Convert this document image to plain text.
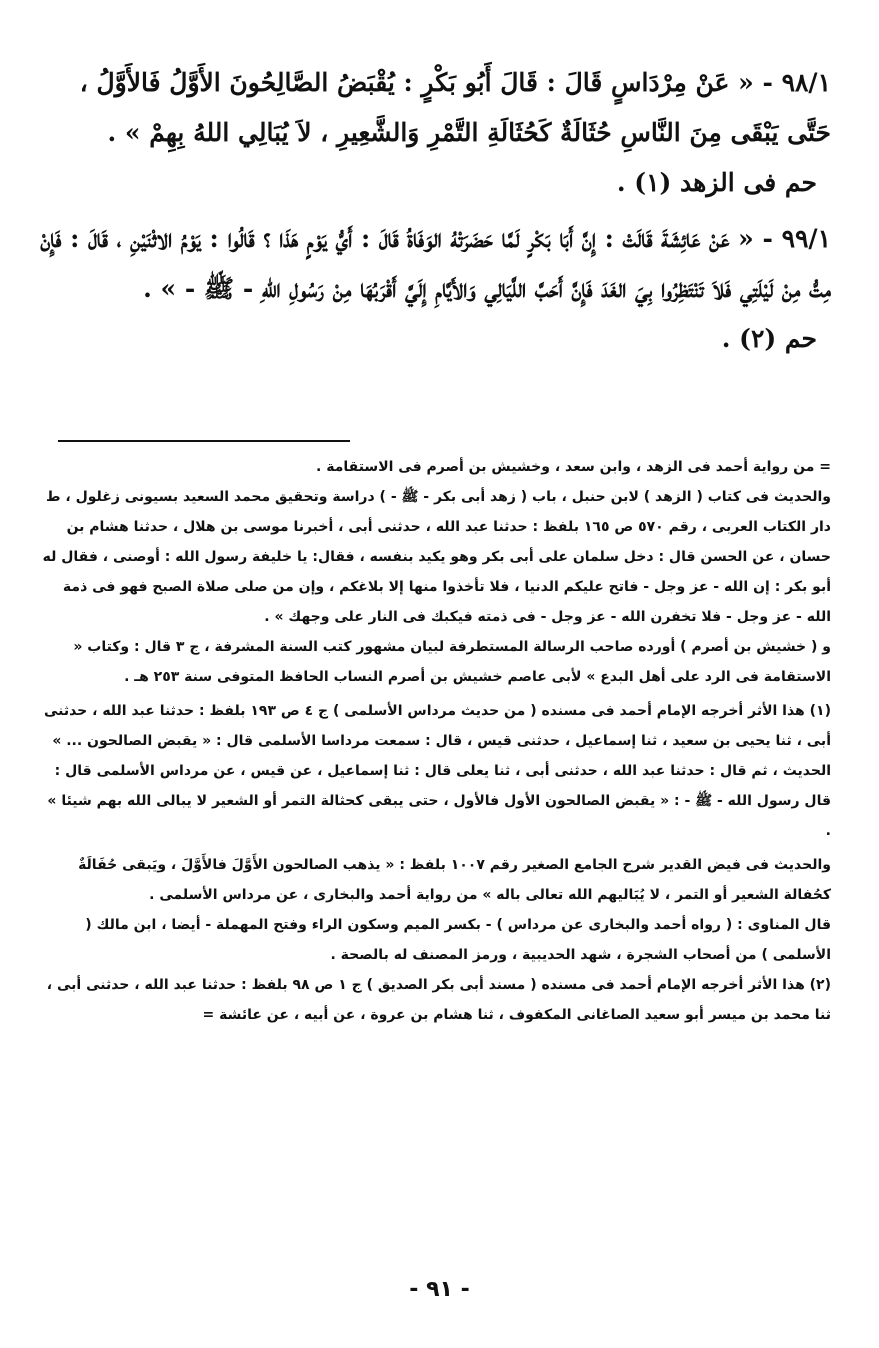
٩٨/١ - « عَنْ مِرْدَاسٍ قَالَ : قَالَ أَبُو بَكْرٍ : يُقْبَضُ الصَّالِحُونَ الأَوَّلُ فَالأَوَّلُ ، حَتَّى يَبْقَى مِنَ النَّاسِ حُثَالَةٌ كَحُثَالَةِ التَّمْرِ وَالشَّعِيرِ ، لاَ يُبَالِي اللهُ بِهِمْ » .

حم فى الزهد (١) .

٩٩/١ - « عَنْ عَائِشَةَ قَالَتْ : إِنَّ أَبَا بَكْرٍ لَمَّا حَضَرَتْهُ الوَفَاةُ قَالَ : أَيُّ يَوْمٍ هَذَا ؟ قَالُوا : يَوْمُ الاثْنَيْنِ ، قَالَ : فَإِنْ مِتُّ مِنْ لَيْلَتِي فَلاَ تَنْتَظِرُوا بِيَ الغَدَ فَإِنَّ أَحَبَّ اللَّيَالِي وَالأَيَّامِ إِلَيَّ أَقْرَبُهَا مِنْ رَسُولِ اللهِ - ﷺ - » .

حم (٢) .

= من رواية أحمد فى الزهد ، وابن سعد ، وخشيش بن أصرم فى الاستقامة .

والحديث فى كتاب ( الزهد ) لابن حنبل ، باب ( زهد أبى بكر - ﷺ - ) دراسة وتحقيق محمد السعيد بسيونى زغلول ، ط دار الكتاب العربى ، رقم ٥٧٠ ص ١٦٥ بلفظ : حدثنا عبد الله ، حدثنى أبى ، أخبرنا موسى بن هلال ، حدثنا هشام بن حسان ، عن الحسن قال : دخل سلمان على أبى بكر وهو يكيد بنفسه ، فقال: يا خليفة رسول الله : أوصنى ، فقال له أبو بكر : إن الله - عز وجل - فاتح عليكم الدنيا ، فلا تأخذوا منها إلا بلاغكم ، وإن من صلى صلاة الصبح فهو فى ذمة الله - عز وجل - فلا تخفرن الله - عز وجل - فى ذمته فيكبك فى النار على وجهك » .

و ( خشيش بن أصرم ) أورده صاحب الرسالة المستطرفة لبيان مشهور كتب السنة المشرفة ، ج ٣ قال : وكتاب « الاستقامة فى الرد على أهل البدع » لأبى عاصم خشيش بن أصرم النساب الحافظ المتوفى سنة ٢٥٣ هـ .

(١) هذا الأثر أخرجه الإمام أحمد فى مسنده ( من حديث مرداس الأسلمى ) ج ٤ ص ١٩٣ بلفظ : حدثنا عبد الله ، حدثنى أبى ، ثنا يحيى بن سعيد ، ثنا إسماعيل ، حدثنى قيس ، قال : سمعت مرداسا الأسلمى قال : « يقبض الصالحون ... » الحديث ، ثم قال : حدثنا عبد الله ، حدثنى أبى ، ثنا يعلى قال : ثنا إسماعيل ، عن قيس ، عن مرداس الأسلمى قال : قال رسول الله - ﷺ - : « يقبض الصالحون الأول فالأول ، حتى يبقى كحثالة التمر أو الشعير لا يبالى الله بهم شيئا » .

والحديث فى فيض القدير شرح الجامع الصغير رقم ١٠٠٧ بلفظ : « يذهب الصالحون الأَوَّلَ فالأَوَّلَ ، ويَبقى حُفَالَةٌ كحُفالة الشعير أو التمر ، لا يُبَاليهم الله تعالى باله » من رواية أحمد والبخارى ، عن مرداس الأسلمى .

قال المناوى : ( رواه أحمد والبخارى عن مرداس ) - بكسر الميم وسكون الراء وفتح المهملة - أيضا ، ابن مالك ( الأسلمى ) من أصحاب الشجرة ، شهد الحديبية ، ورمز المصنف له بالصحة .

(٢) هذا الأثر أخرجه الإمام أحمد فى مسنده ( مسند أبى بكر الصديق ) ج ١ ص ٩٨ بلفظ : حدثنا عبد الله ، حدثنى أبى ، ثنا محمد بن ميسر أبو سعيد الصاغانى المكفوف ، ثنا هشام بن عروة ، عن أبيه ، عن عائشة =

- ٩١ -
